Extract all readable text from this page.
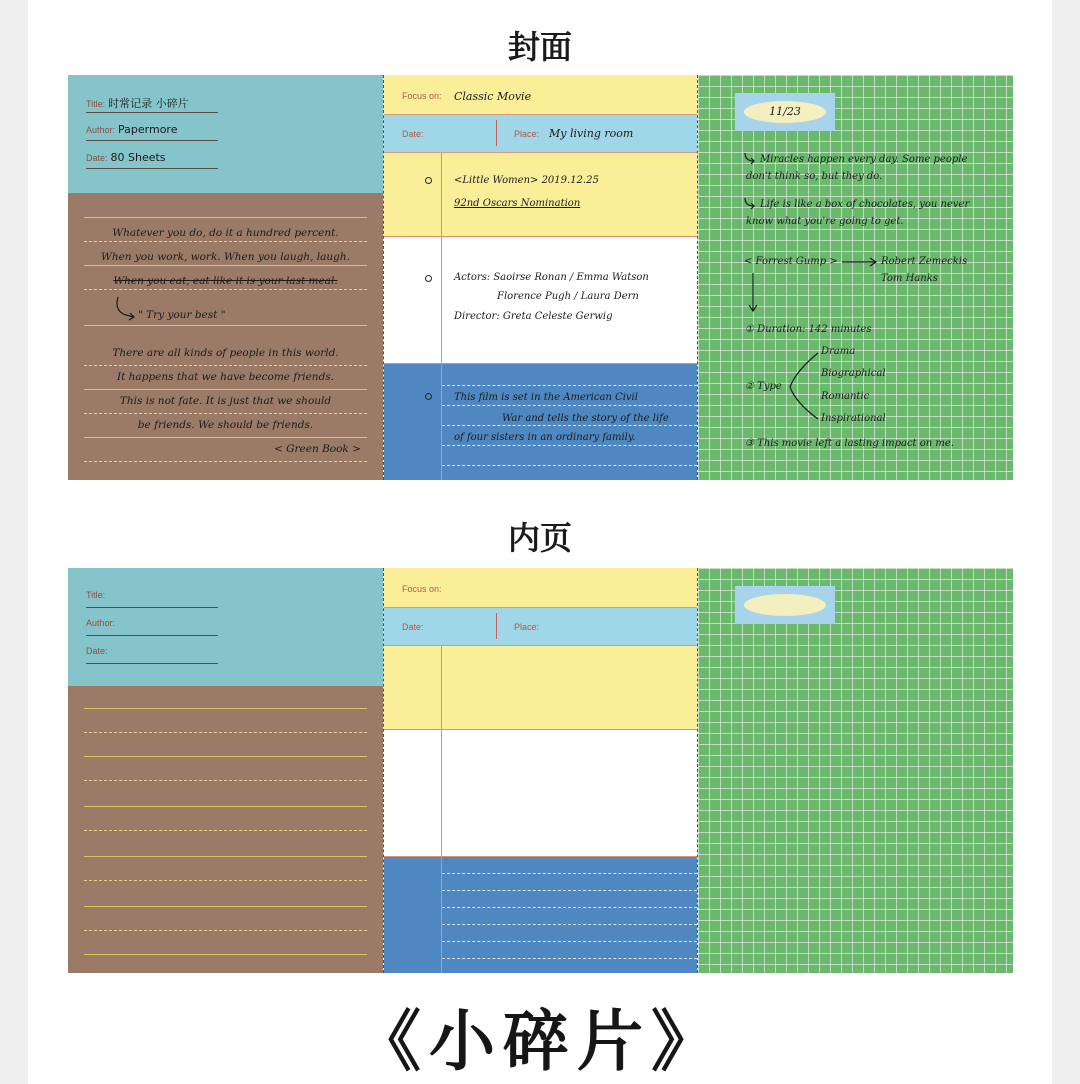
封面
Title: 时常记录 小碎片
Author: Papermore
Date: 80 Sheets
Whatever you do, do it a hundred percent.
When you work, work. When you laugh, laugh.
When you eat, eat like it is your last meal.
" Try your best "
There are all kinds of people in this world.
It happens that we have become friends.
This is not fate. It is just that we should
be friends. We should be friends.
< Green Book >
Focus on: Classic Movie
Date:	Place: My living room
<Little Women> 2019.12.25
92nd Oscars Nomination
Actors: Saoirse Ronan / Emma Watson
Florence Pugh / Laura Dern
Director: Greta Celeste Gerwig
This film is set in the American Civil
War and tells the story of the life
of four sisters in an ordinary family.
11/23
Miracles happen every day. Some people
don't think so, but they do.
Life is like a box of chocolates, you never
know what you're going to get.
< Forrest Gump >	Robert Zemeckis
Tom Hanks
① Duration: 142 minutes
② Type
Drama
Biographical
Romantic
Inspirational
③ This movie left a lasting impact on me.
内页
Title:
Author:
Date:
Focus on:
Date:	Place:
《小碎片》
